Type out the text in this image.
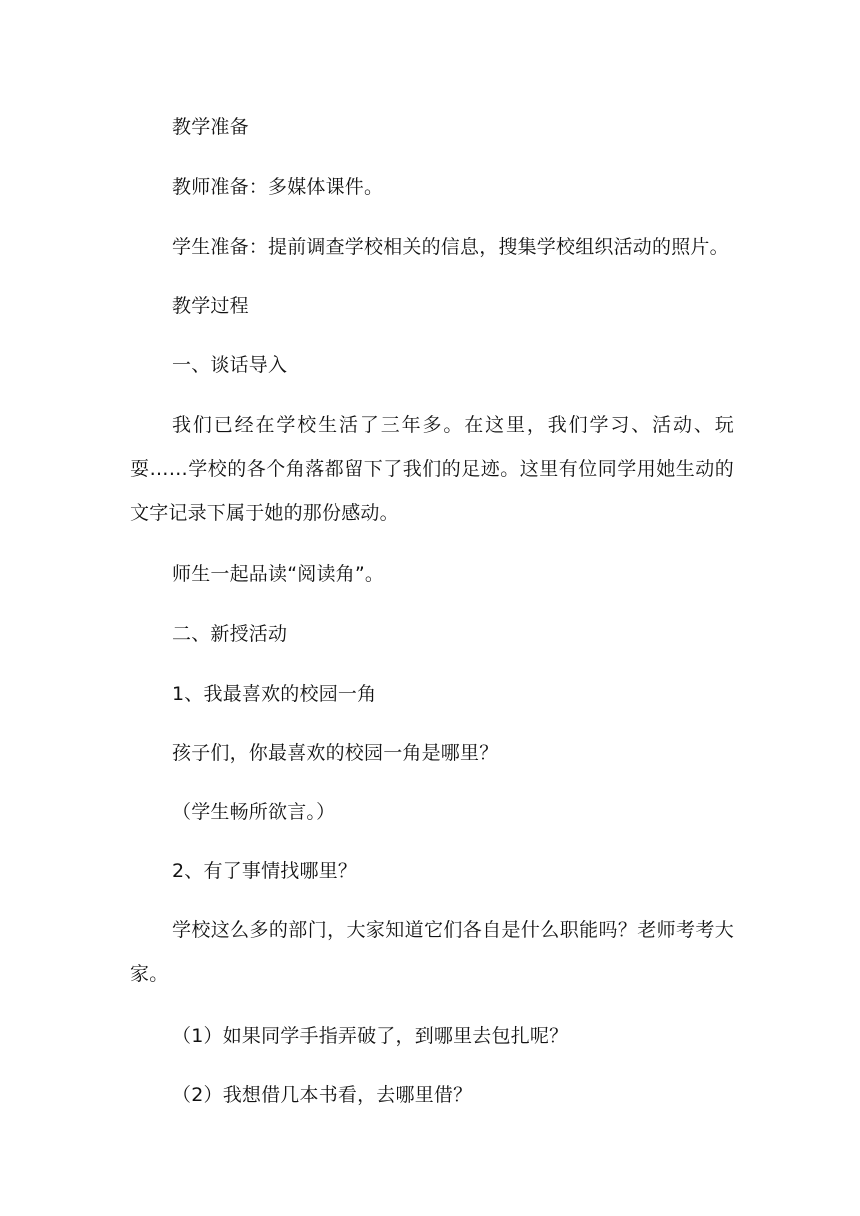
教学准备
教师准备：多媒体课件。
学生准备：提前调查学校相关的信息，搜集学校组织活动的照片。
教学过程
一、谈话导入
我们已经在学校生活了三年多。在这里，我们学习、活动、玩耍……学校的各个角落都留下了我们的足迹。这里有位同学用她生动的文字记录下属于她的那份感动。
师生一起品读“阅读角”。
二、新授活动
1、我最喜欢的校园一角
孩子们，你最喜欢的校园一角是哪里？
（学生畅所欲言。）
2、有了事情找哪里？
学校这么多的部门，大家知道它们各自是什么职能吗？老师考考大家。
（1）如果同学手指弄破了，到哪里去包扎呢？
（2）我想借几本书看，去哪里借？
